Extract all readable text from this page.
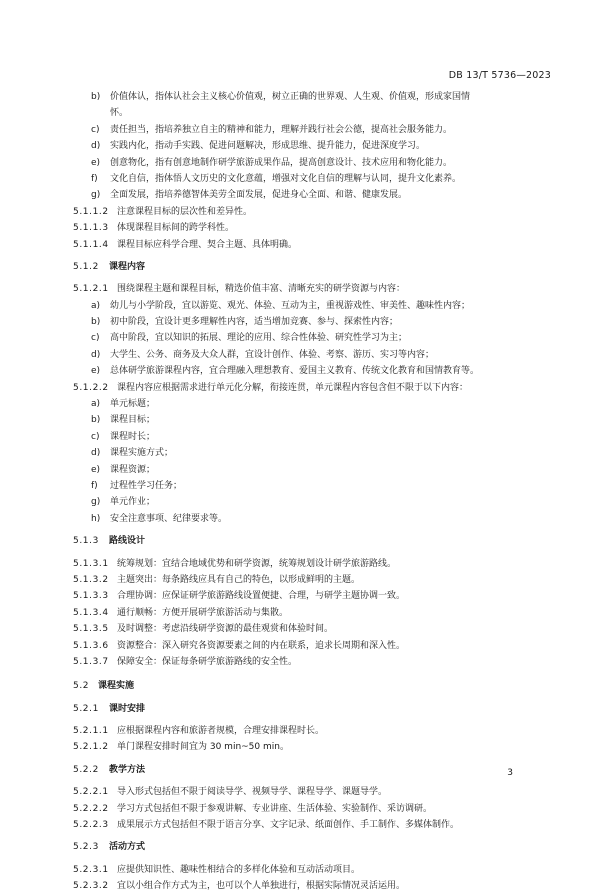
DB 13/T 5736—2023
b) 价值体认，指体认社会主义核心价值观，树立正确的世界观、人生观、价值观，形成家国情
怀。
c) 责任担当，指培养独立自主的精神和能力，理解并践行社会公德，提高社会服务能力。
d) 实践内化，指动手实践、促进问题解决，形成思维、提升能力，促进深度学习。
e) 创意物化，指有创意地制作研学旅游成果作品，提高创意设计、技术应用和物化能力。
f) 文化自信，指体悟人文历史的文化意蕴，增强对文化自信的理解与认同，提升文化素养。
g) 全面发展，指培养德智体美劳全面发展，促进身心全面、和谐、健康发展。
5.1.1.2 注意课程目标的层次性和差异性。
5.1.1.3 体现课程目标间的跨学科性。
5.1.1.4 课程目标应科学合理、契合主题、具体明确。
5.1.2 课程内容
5.1.2.1 围绕课程主题和课程目标，精选价值丰富、清晰充实的研学资源与内容：
a) 幼儿与小学阶段，宜以游览、观光、体验、互动为主，重视游戏性、审美性、趣味性内容；
b) 初中阶段，宜设计更多理解性内容，适当增加竞赛、参与、探索性内容；
c) 高中阶段，宜以知识的拓展、理论的应用、综合性体验、研究性学习为主；
d) 大学生、公务、商务及大众人群，宜设计创作、体验、考察、游历、实习等内容；
e) 总体研学旅游课程内容，宜合理融入理想教育、爱国主义教育、传统文化教育和国情教育等。
5.1.2.2 课程内容应根据需求进行单元化分解，衔接连贯，单元课程内容包含但不限于以下内容：
a) 单元标题；
b) 课程目标；
c) 课程时长；
d) 课程实施方式；
e) 课程资源；
f) 过程性学习任务；
g) 单元作业；
h) 安全注意事项、纪律要求等。
5.1.3 路线设计
5.1.3.1 统筹规划：宜结合地域优势和研学资源，统筹规划设计研学旅游路线。
5.1.3.2 主题突出：每条路线应具有自己的特色，以形成鲜明的主题。
5.1.3.3 合理协调：应保证研学旅游路线设置便捷、合理，与研学主题协调一致。
5.1.3.4 通行顺畅：方便开展研学旅游活动与集散。
5.1.3.5 及时调整：考虑沿线研学资源的最佳观赏和体验时间。
5.1.3.6 资源整合：深入研究各资源要素之间的内在联系，追求长周期和深入性。
5.1.3.7 保障安全：保证每条研学旅游路线的安全性。
5.2 课程实施
5.2.1 课时安排
5.2.1.1 应根据课程内容和旅游者规模，合理安排课程时长。
5.2.1.2 单门课程安排时间宜为 30 min~50 min。
5.2.2 教学方法
5.2.2.1 导入形式包括但不限于阅读导学、视频导学、课程导学、课题导学。
5.2.2.2 学习方式包括但不限于参观讲解、专业讲座、生活体验、实验制作、采访调研。
5.2.2.3 成果展示方式包括但不限于语言分享、文字记录、纸面创作、手工制作、多媒体制作。
5.2.3 活动方式
5.2.3.1 应提供知识性、趣味性相结合的多样化体验和互动活动项目。
5.2.3.2 宜以小组合作方式为主，也可以个人单独进行，根据实际情况灵活运用。
3
